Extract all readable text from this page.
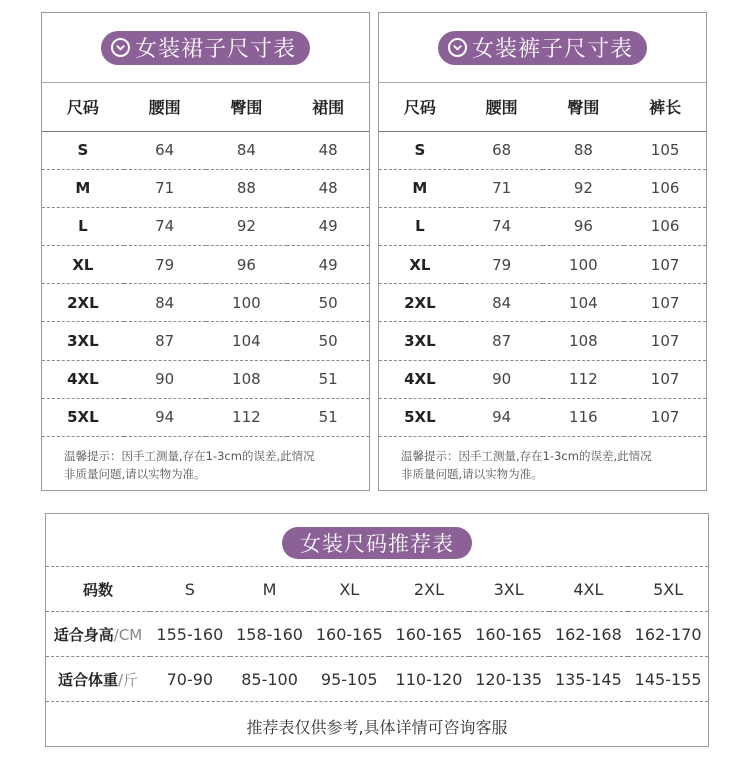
女装裙子尺寸表
尺码	腰围	臀围	裙围
S	64	84	48
M	71	88	48
L	74	92	49
XL	79	96	49
2XL	84	100	50
3XL	87	104	50
4XL	90	108	51
5XL	94	112	51
温馨提示：因手工测量,存在1-3cm的误差,此情况
非质量问题,请以实物为准。
女装裤子尺寸表
尺码	腰围	臀围	裤长
S	68	88	105
M	71	92	106
L	74	96	106
XL	79	100	107
2XL	84	104	107
3XL	87	108	107
4XL	90	112	107
5XL	94	116	107
温馨提示：因手工测量,存在1-3cm的误差,此情况
非质量问题,请以实物为准。
女装尺码推荐表
码数	S	M	XL	2XL	3XL	4XL	5XL
适合身高/CM	155-160	158-160	160-165	160-165	160-165	162-168	162-170
适合体重/斤	70-90	85-100	95-105	110-120	120-135	135-145	145-155
推荐表仅供参考,具体详情可咨询客服
